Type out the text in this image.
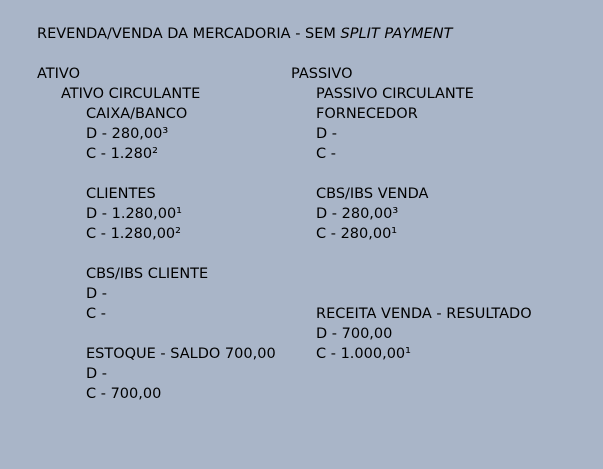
REVENDA/VENDA DA MERCADORIA - SEM SPLIT PAYMENT
ATIVO
ATIVO CIRCULANTE
CAIXA/BANCO
D - 280,00³
C - 1.280²
CLIENTES
D - 1.280,00¹
C - 1.280,00²
CBS/IBS CLIENTE
D -
C -
ESTOQUE - SALDO 700,00
D -
C - 700,00
PASSIVO
PASSIVO CIRCULANTE
FORNECEDOR
D -
C -
CBS/IBS VENDA
D - 280,00³
C - 280,00¹
RECEITA VENDA - RESULTADO
D - 700,00
C - 1.000,00¹
